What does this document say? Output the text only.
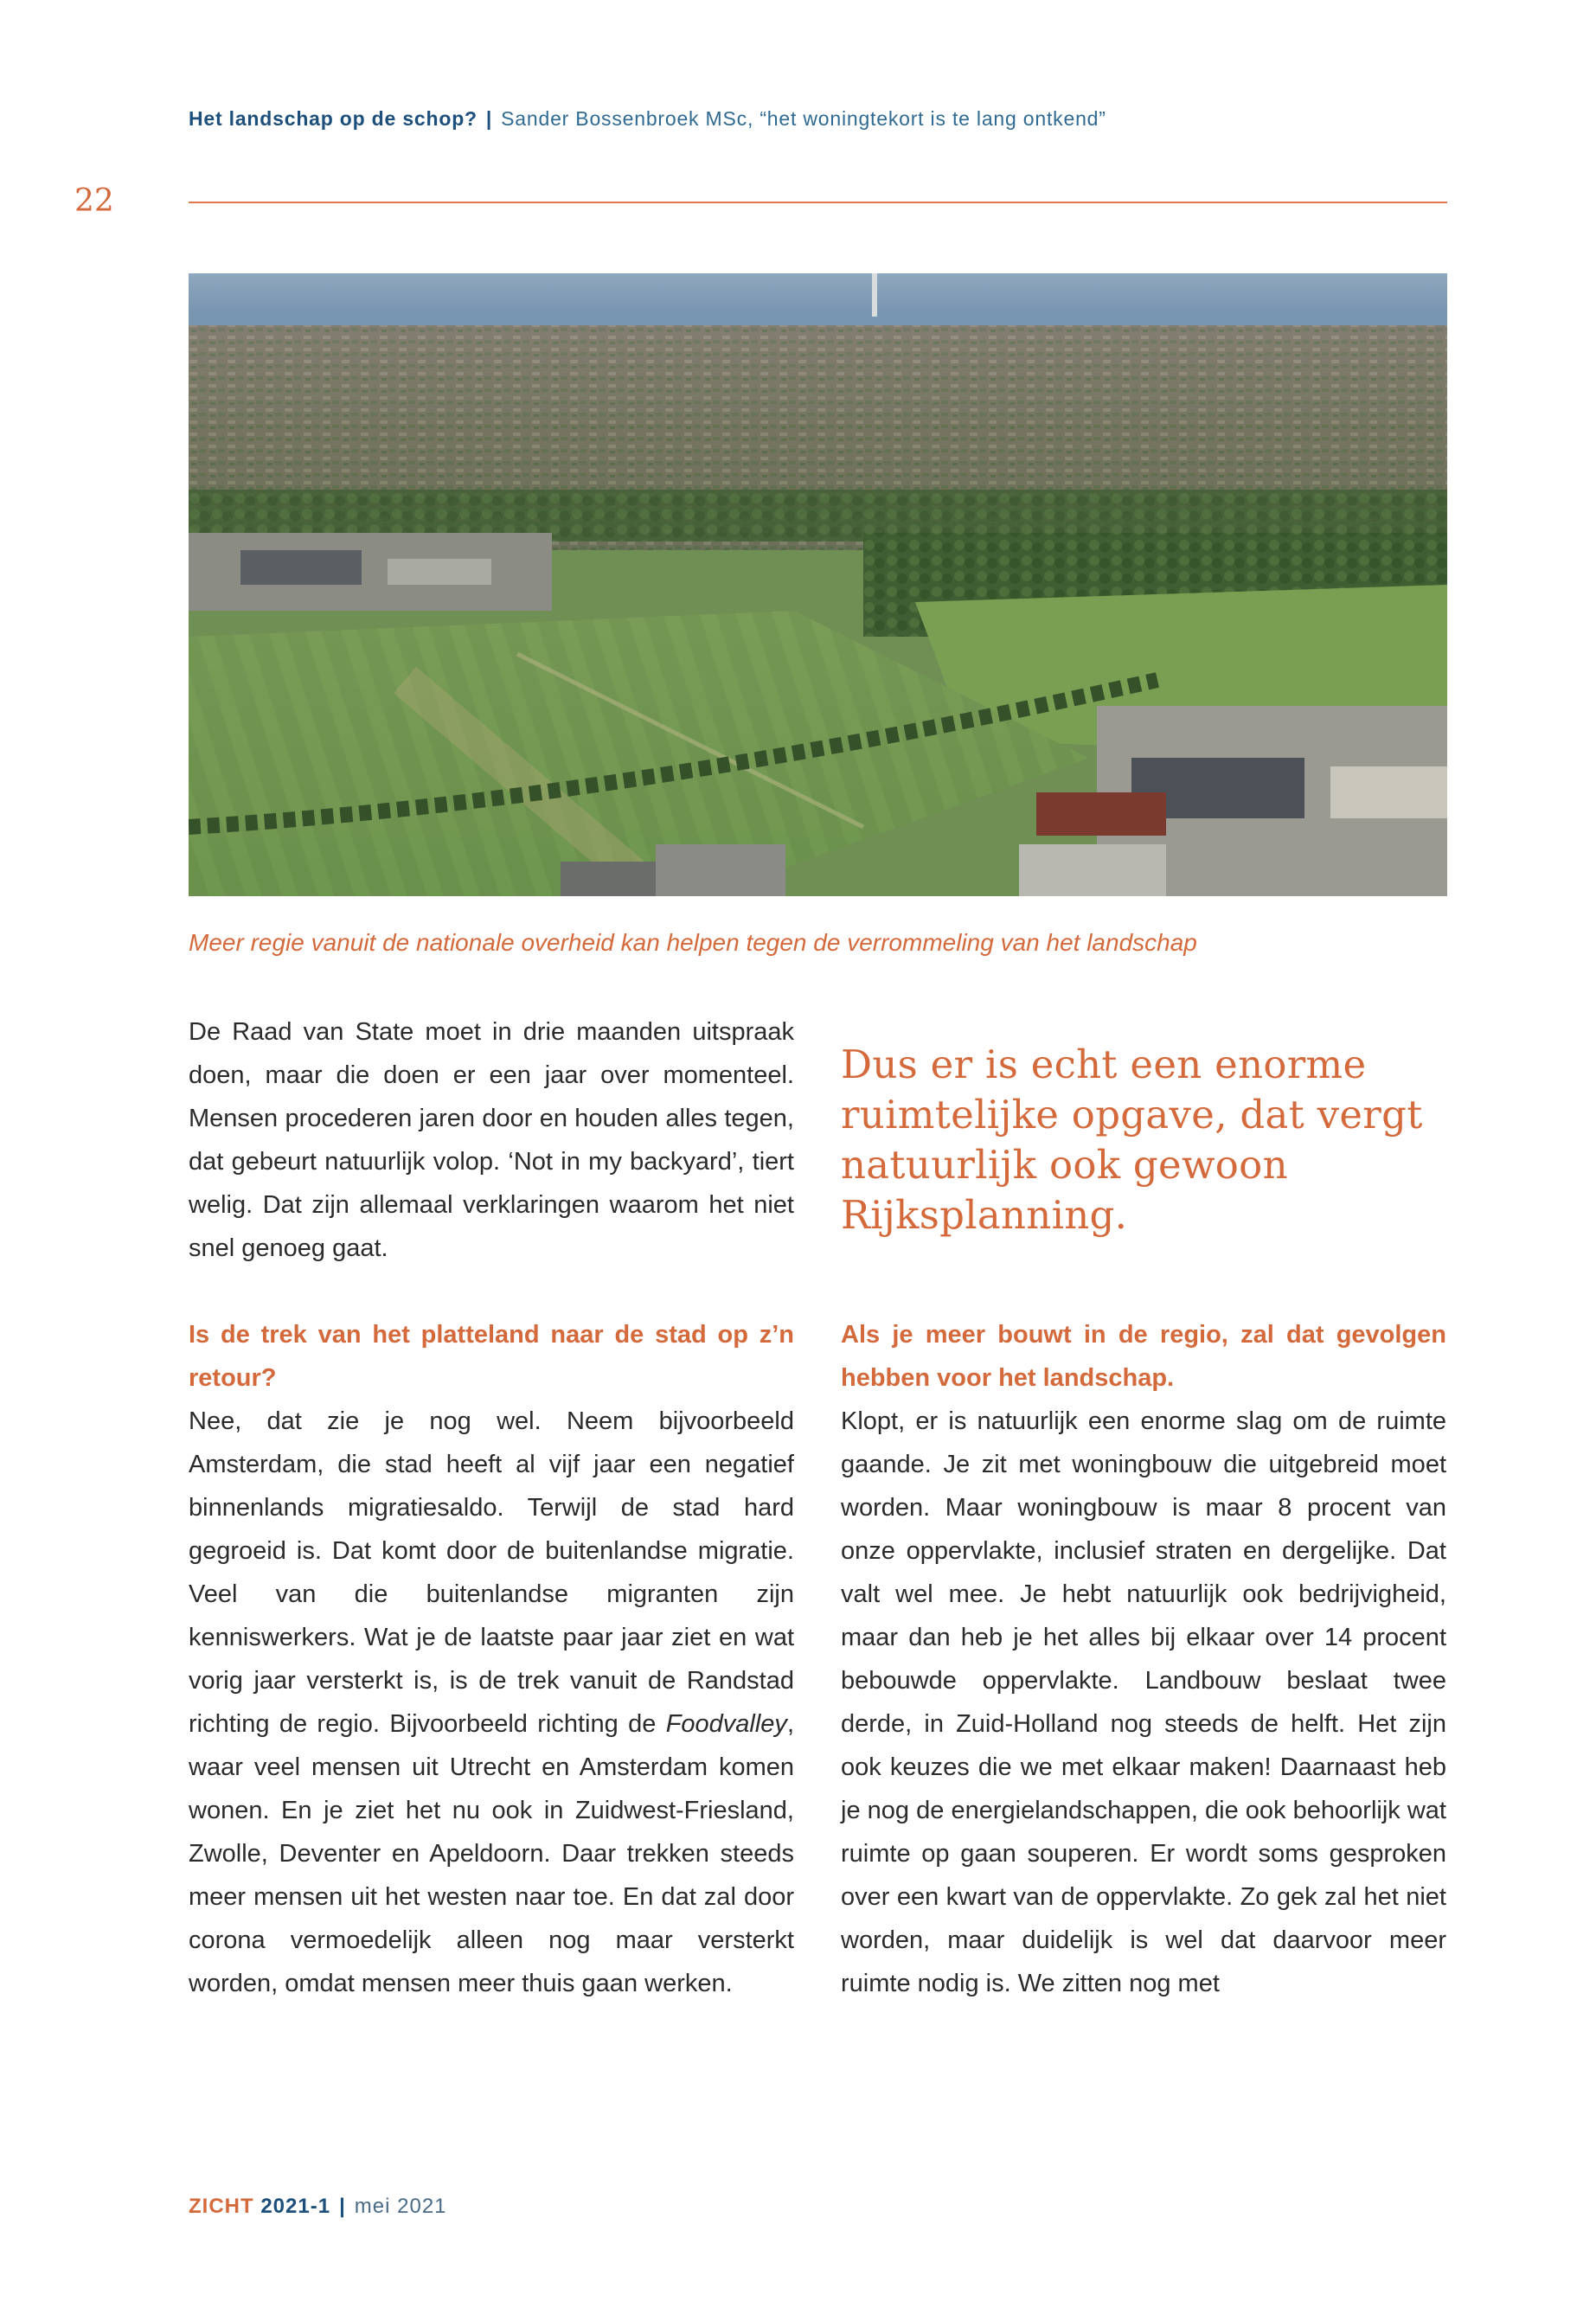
Het landschap op de schop? | Sander Bossenbroek MSc, “het woningtekort is te lang ontkend”
22
Meer regie vanuit de nationale overheid kan helpen tegen de verrommeling van het landschap

De Raad van State moet in drie maanden uitspraak doen, maar die doen er een jaar over momenteel. Mensen procederen jaren door en houden alles tegen, dat gebeurt natuurlijk volop. ‘Not in my backyard’, tiert welig. Dat zijn allemaal verklaringen waarom het niet snel genoeg gaat.

Is de trek van het platteland naar de stad op z’n retour?

Nee, dat zie je nog wel. Neem bijvoorbeeld Amsterdam, die stad heeft al vijf jaar een negatief binnenlands migratiesaldo. Terwijl de stad hard gegroeid is. Dat komt door de buitenlandse migratie. Veel van die buitenlandse migranten zijn kenniswerkers. Wat je de laatste paar jaar ziet en wat vorig jaar versterkt is, is de trek vanuit de Randstad richting de regio. Bijvoorbeeld richting de Foodvalley, waar veel mensen uit Utrecht en Amsterdam komen wonen. En je ziet het nu ook in Zuidwest-Friesland, Zwolle, Deventer en Apeldoorn. Daar trekken steeds meer mensen uit het westen naar toe. En dat zal door corona vermoedelijk alleen nog maar versterkt worden, omdat mensen meer thuis gaan werken.

Dus er is echt een enorme ruimtelijke opgave, dat vergt natuurlijk ook gewoon Rijksplanning.

Als je meer bouwt in de regio, zal dat gevolgen hebben voor het landschap.

Klopt, er is natuurlijk een enorme slag om de ruimte gaande. Je zit met woningbouw die uitgebreid moet worden. Maar woningbouw is maar 8 procent van onze oppervlakte, inclusief straten en dergelijke. Dat valt wel mee. Je hebt natuurlijk ook bedrijvigheid, maar dan heb je het alles bij elkaar over 14 procent bebouwde oppervlakte. Landbouw beslaat twee derde, in Zuid-Holland nog steeds de helft. Het zijn ook keuzes die we met elkaar maken! Daarnaast heb je nog de energielandschappen, die ook behoorlijk wat ruimte op gaan souperen. Er wordt soms gesproken over een kwart van de oppervlakte. Zo gek zal het niet worden, maar duidelijk is wel dat daarvoor meer ruimte nodig is. We zitten nog met

ZICHT 2021-1 | mei 2021
